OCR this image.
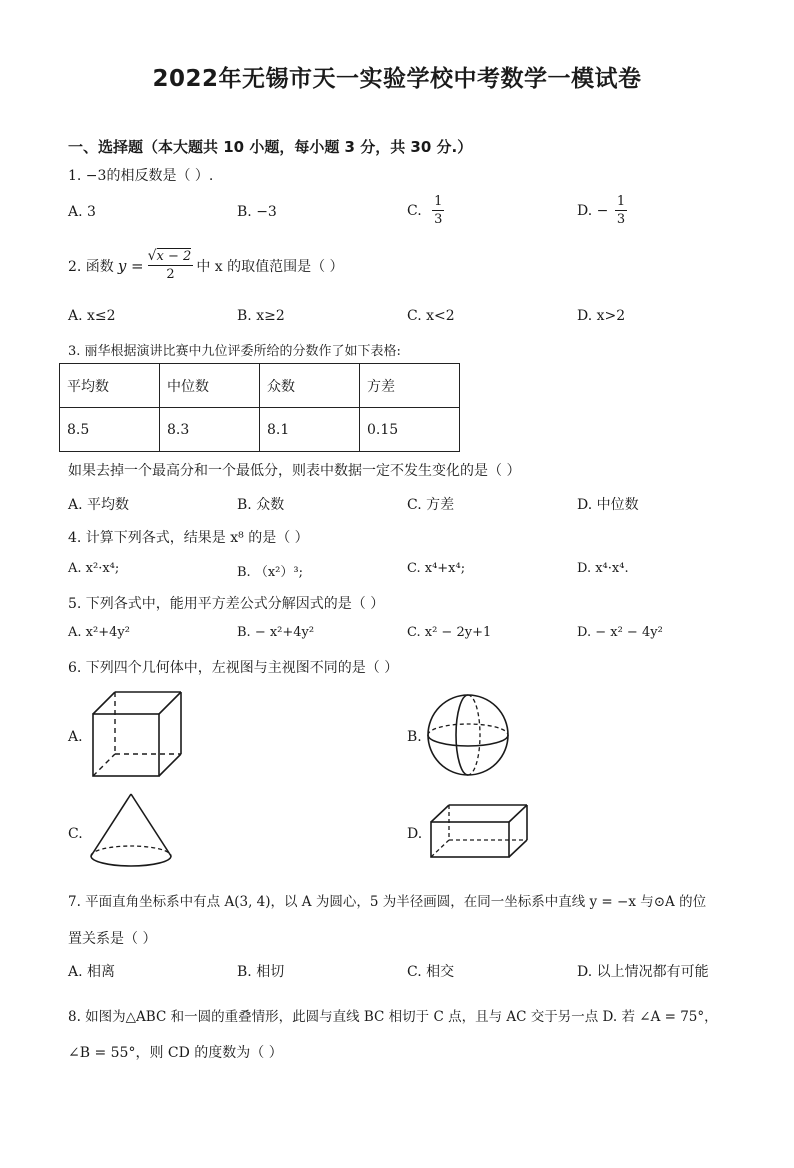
2022年无锡市天一实验学校中考数学一模试卷
一、选择题（本大题共 10 小题，每小题 3 分，共 30 分.）
1. −3的相反数是（ ）.
A. 3	B. −3	C. $\frac{1}{3}$	D. − $\frac{1}{3}$
2. 函数 $y = \frac{√x - 2}{2}$ 中 x 的取值范围是（ ）
A. x≤2	B. x≥2	C. x<2	D. x>2
3. 丽华根据演讲比赛中九位评委所给的分数作了如下表格:
平均数	中位数	众数	方差
8.5	8.3	8.1	0.15
如果去掉一个最高分和一个最低分，则表中数据一定不发生变化的是（ ）
A. 平均数	B. 众数	C. 方差	D. 中位数
4. 计算下列各式，结果是 x⁸ 的是（ ）
A. x²·x⁴;	B. （x²）³;	C. x⁴+x⁴;	D. x⁴·x⁴.
5. 下列各式中，能用平方差公式分解因式的是（ ）
A. x²+4y²	B. − x²+4y²	C. x² − 2y+1	D. − x² − 4y²
6. 下列四个几何体中，左视图与主视图不同的是（ ）
A.	B.
C.	D.
7. 平面直角坐标系中有点 A(3, 4)，以 A 为圆心，5 为半径画圆，在同一坐标系中直线 y = −x 与⊙A 的位
置关系是（ ）
A. 相离	B. 相切	C. 相交	D. 以上情况都有可能
8. 如图为△ABC 和一圆的重叠情形，此圆与直线 BC 相切于 C 点，且与 AC 交于另一点 D. 若 ∠A = 75°，
∠B = 55°，则 CD 的度数为（ ）
